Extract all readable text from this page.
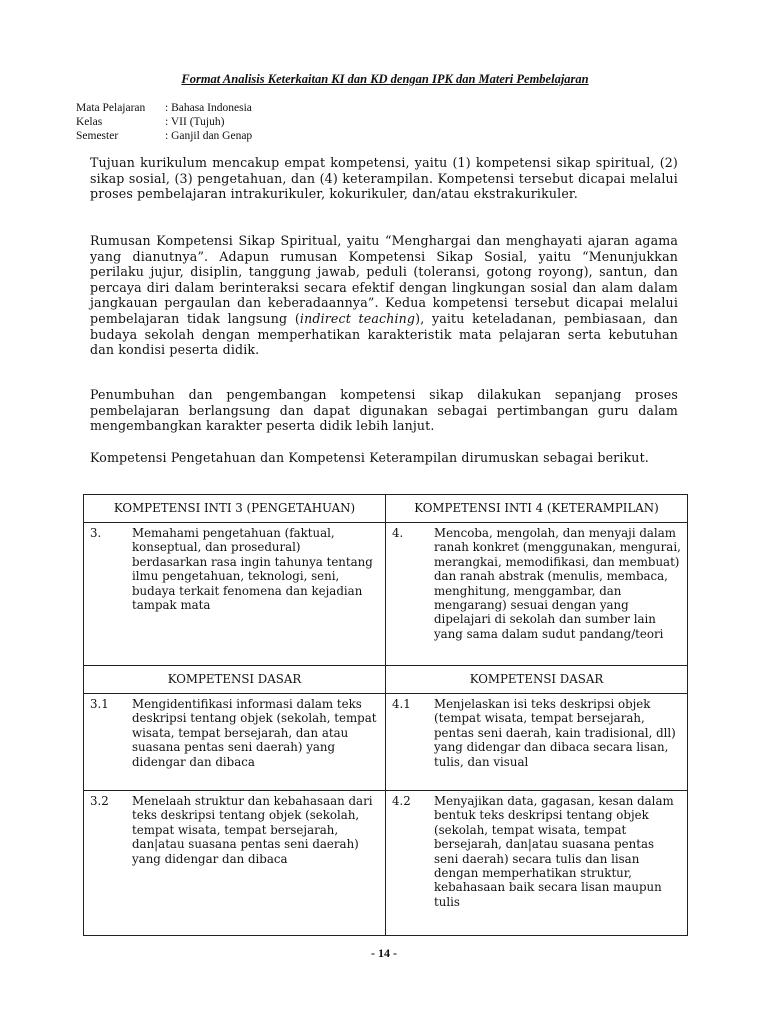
Format Analisis Keterkaitan KI dan KD dengan IPK dan Materi Pembelajaran
Mata Pelajaran	: Bahasa Indonesia
Kelas	: VII (Tujuh)
Semester	: Ganjil dan Genap
Tujuan kurikulum mencakup empat kompetensi, yaitu (1) kompetensi sikap spiritual, (2) sikap sosial, (3) pengetahuan, dan (4) keterampilan. Kompetensi tersebut dicapai melalui proses pembelajaran intrakurikuler, kokurikuler, dan/atau ekstrakurikuler.
Rumusan Kompetensi Sikap Spiritual, yaitu “Menghargai dan menghayati ajaran agama yang dianutnya”. Adapun rumusan Kompetensi Sikap Sosial, yaitu “Menunjukkan perilaku jujur, disiplin, tanggung jawab, peduli (toleransi, gotong royong), santun, dan percaya diri dalam berinteraksi secara efektif dengan lingkungan sosial dan alam dalam jangkauan pergaulan dan keberadaannya”. Kedua kompetensi tersebut dicapai melalui pembelajaran tidak langsung (indirect teaching), yaitu keteladanan, pembiasaan, dan budaya sekolah dengan memperhatikan karakteristik mata pelajaran serta kebutuhan dan kondisi peserta didik.
Penumbuhan dan pengembangan kompetensi sikap dilakukan sepanjang proses pembelajaran berlangsung dan dapat digunakan sebagai pertimbangan guru dalam mengembangkan karakter peserta didik lebih lanjut.
Kompetensi Pengetahuan dan Kompetensi Keterampilan dirumuskan sebagai berikut.
KOMPETENSI INTI 3 (PENGETAHUAN)	KOMPETENSI INTI 4 (KETERAMPILAN)

3. Memahami pengetahuan (faktual, konseptual, dan prosedural) berdasarkan rasa ingin tahunya tentang ilmu pengetahuan, teknologi, seni, budaya terkait fenomena dan kejadian tampak mata	4. Mencoba, mengolah, dan menyaji dalam ranah konkret (menggunakan, mengurai, merangkai, memodifikasi, dan membuat) dan ranah abstrak (menulis, membaca, menghitung, menggambar, dan mengarang) sesuai dengan yang dipelajari di sekolah dan sumber lain yang sama dalam sudut pandang/teori

KOMPETENSI DASAR	KOMPETENSI DASAR

3.1 Mengidentifikasi informasi dalam teks deskripsi tentang objek (sekolah, tempat wisata, tempat bersejarah, dan atau suasana pentas seni daerah) yang didengar dan dibaca	4.1 Menjelaskan isi teks deskripsi objek (tempat wisata, tempat bersejarah, pentas seni daerah, kain tradisional, dll) yang didengar dan dibaca secara lisan, tulis, dan visual

3.2 Menelaah struktur dan kebahasaan dari teks deskripsi tentang objek (sekolah, tempat wisata, tempat bersejarah, dan|atau suasana pentas seni daerah) yang didengar dan dibaca	4.2 Menyajikan data, gagasan, kesan dalam bentuk teks deskripsi tentang objek (sekolah, tempat wisata, tempat bersejarah, dan|atau suasana pentas seni daerah) secara tulis dan lisan dengan memperhatikan struktur, kebahasaan baik secara lisan maupun tulis
- 14 -
